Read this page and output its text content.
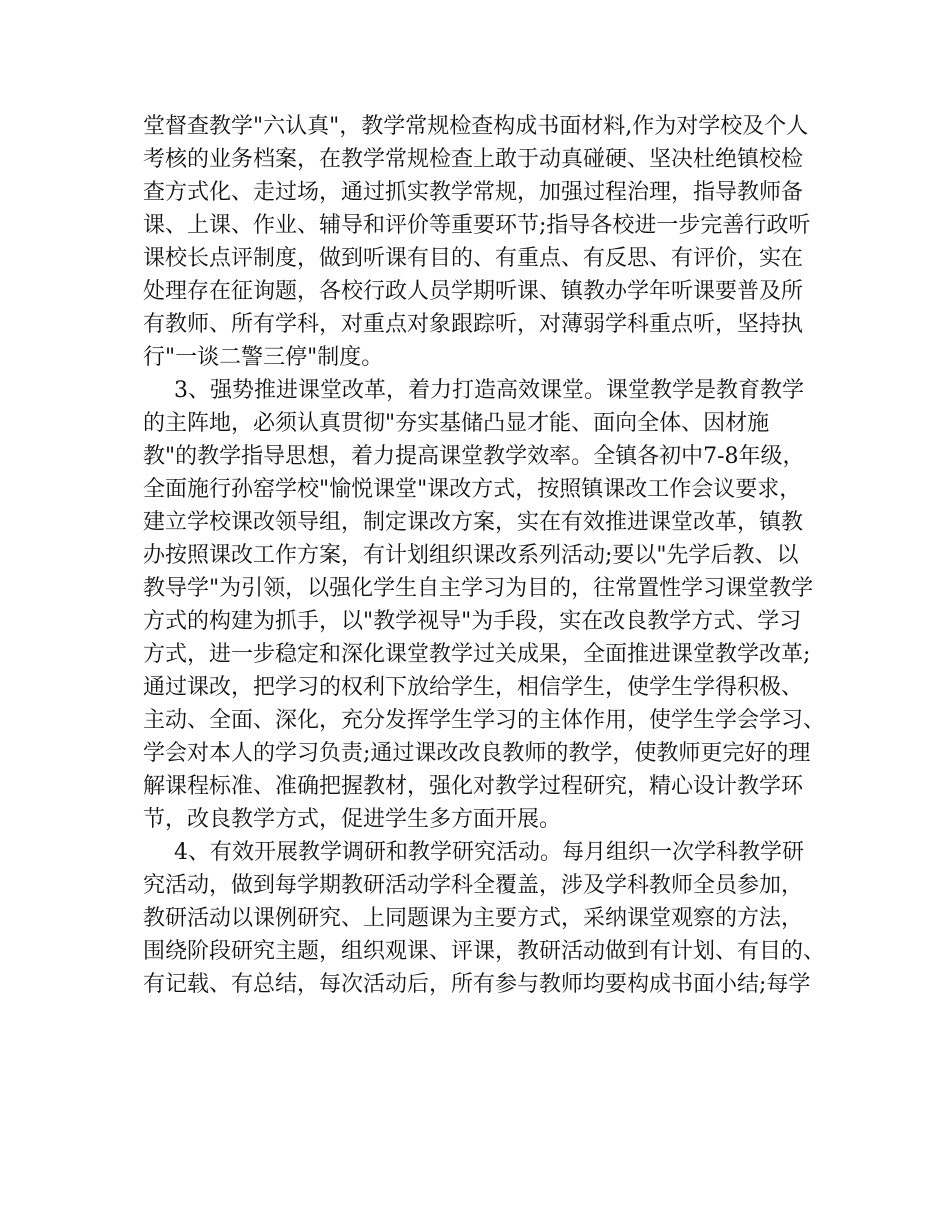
堂督查教学"六认真"，教学常规检查构成书面材料,作为对学校及个人
考核的业务档案，在教学常规检查上敢于动真碰硬、坚决杜绝镇校检
查方式化、走过场，通过抓实教学常规，加强过程治理，指导教师备
课、上课、作业、辅导和评价等重要环节;指导各校进一步完善行政听
课校长点评制度，做到听课有目的、有重点、有反思、有评价，实在
处理存在征询题，各校行政人员学期听课、镇教办学年听课要普及所
有教师、所有学科，对重点对象跟踪听，对薄弱学科重点听，坚持执
行"一谈二警三停"制度。
3、强势推进课堂改革，着力打造高效课堂。课堂教学是教育教学
的主阵地，必须认真贯彻"夯实基储凸显才能、面向全体、因材施
教"的教学指导思想，着力提高课堂教学效率。全镇各初中7-8年级，
全面施行孙窑学校"愉悦课堂"课改方式，按照镇课改工作会议要求，
建立学校课改领导组，制定课改方案，实在有效推进课堂改革，镇教
办按照课改工作方案，有计划组织课改系列活动;要以"先学后教、以
教导学"为引领，以强化学生自主学习为目的，往常置性学习课堂教学
方式的构建为抓手，以"教学视导"为手段，实在改良教学方式、学习
方式，进一步稳定和深化课堂教学过关成果，全面推进课堂教学改革;
通过课改，把学习的权利下放给学生，相信学生，使学生学得积极、
主动、全面、深化，充分发挥学生学习的主体作用，使学生学会学习、
学会对本人的学习负责;通过课改改良教师的教学，使教师更完好的理
解课程标准、准确把握教材，强化对教学过程研究，精心设计教学环
节，改良教学方式，促进学生多方面开展。
4、有效开展教学调研和教学研究活动。每月组织一次学科教学研
究活动，做到每学期教研活动学科全覆盖，涉及学科教师全员参加，
教研活动以课例研究、上同题课为主要方式，采纳课堂观察的方法，
围绕阶段研究主题，组织观课、评课，教研活动做到有计划、有目的、
有记载、有总结，每次活动后，所有参与教师均要构成书面小结;每学
